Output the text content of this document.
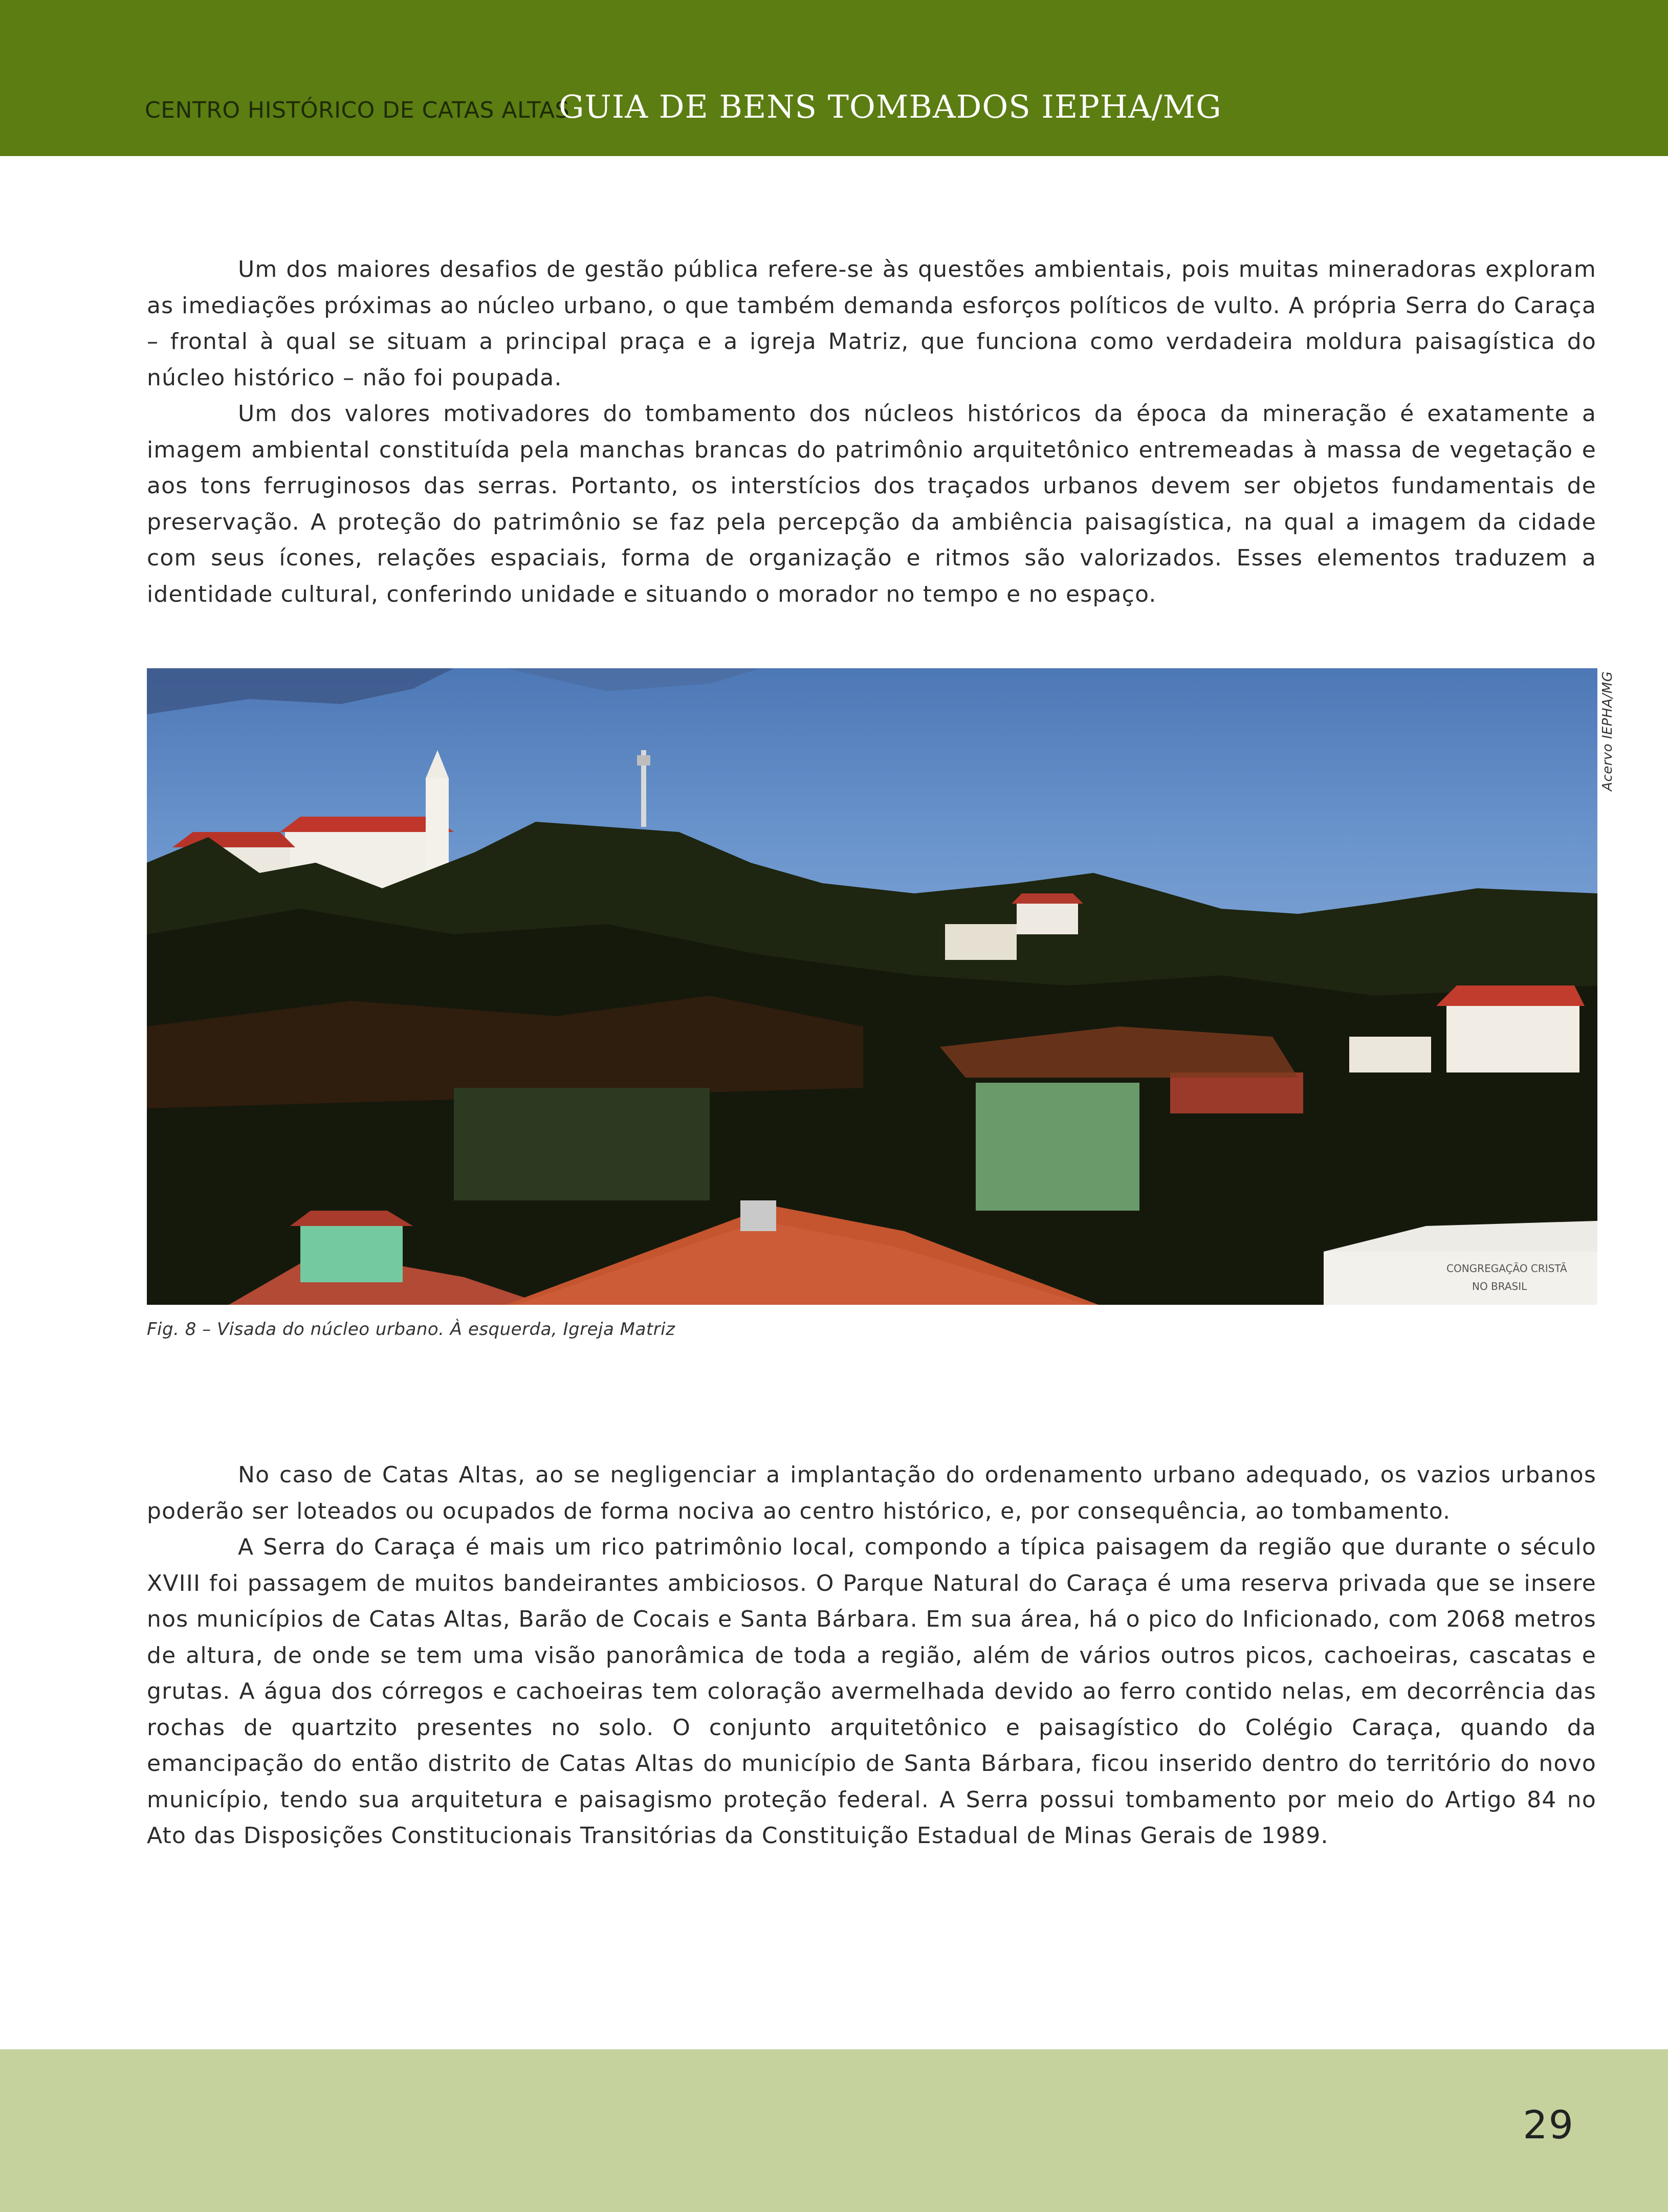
CENTRO HISTÓRICO DE CATAS ALTAS
GUIA DE BENS TOMBADOS IEPHA/MG

Um dos maiores desafios de gestão pública refere-se às questões ambientais, pois muitas mineradoras exploram as imediações próximas ao núcleo urbano, o que também demanda esforços políticos de vulto. A própria Serra do Caraça – frontal à qual se situam a principal praça e a igreja Matriz, que funciona como verdadeira moldura paisagística do núcleo histórico – não foi poupada.

Um dos valores motivadores do tombamento dos núcleos históricos da época da mineração é exatamente a imagem ambiental constituída pela manchas brancas do patrimônio arquitetônico entremeadas à massa de vegetação e aos tons ferruginosos das serras. Portanto, os interstícios dos traçados urbanos devem ser objetos fundamentais de preservação. A proteção do patrimônio se faz pela percepção da ambiência paisagística, na qual a imagem da cidade com seus ícones, relações espaciais, forma de organização e ritmos são valorizados. Esses elementos traduzem a identidade cultural, conferindo unidade e situando o morador no tempo e no espaço.

CONGREGAÇÃO CRISTÃ
NO BRASIL
Acervo IEPHA/MG
Fig. 8 – Visada do núcleo urbano. À esquerda, Igreja Matriz

No caso de Catas Altas, ao se negligenciar a implantação do ordenamento urbano adequado, os vazios urbanos poderão ser loteados ou ocupados de forma nociva ao centro histórico, e, por consequência, ao tombamento.

A Serra do Caraça é mais um rico patrimônio local, compondo a típica paisagem da região que durante o século XVIII foi passagem de muitos bandeirantes ambiciosos. O Parque Natural do Caraça é uma reserva privada que se insere nos municípios de Catas Altas, Barão de Cocais e Santa Bárbara. Em sua área, há o pico do Inficionado, com 2068 metros de altura, de onde se tem uma visão panorâmica de toda a região, além de vários outros picos, cachoeiras, cascatas e grutas. A água dos córregos e cachoeiras tem coloração avermelhada devido ao ferro contido nelas, em decorrência das rochas de quartzito presentes no solo. O conjunto arquitetônico e paisagístico do Colégio Caraça, quando da emancipação do então distrito de Catas Altas do município de Santa Bárbara, ficou inserido dentro do território do novo município, tendo sua arquitetura e paisagismo proteção federal. A Serra possui tombamento por meio do Artigo 84 no Ato das Disposições Constitucionais Transitórias da Constituição Estadual de Minas Gerais de 1989.

29
